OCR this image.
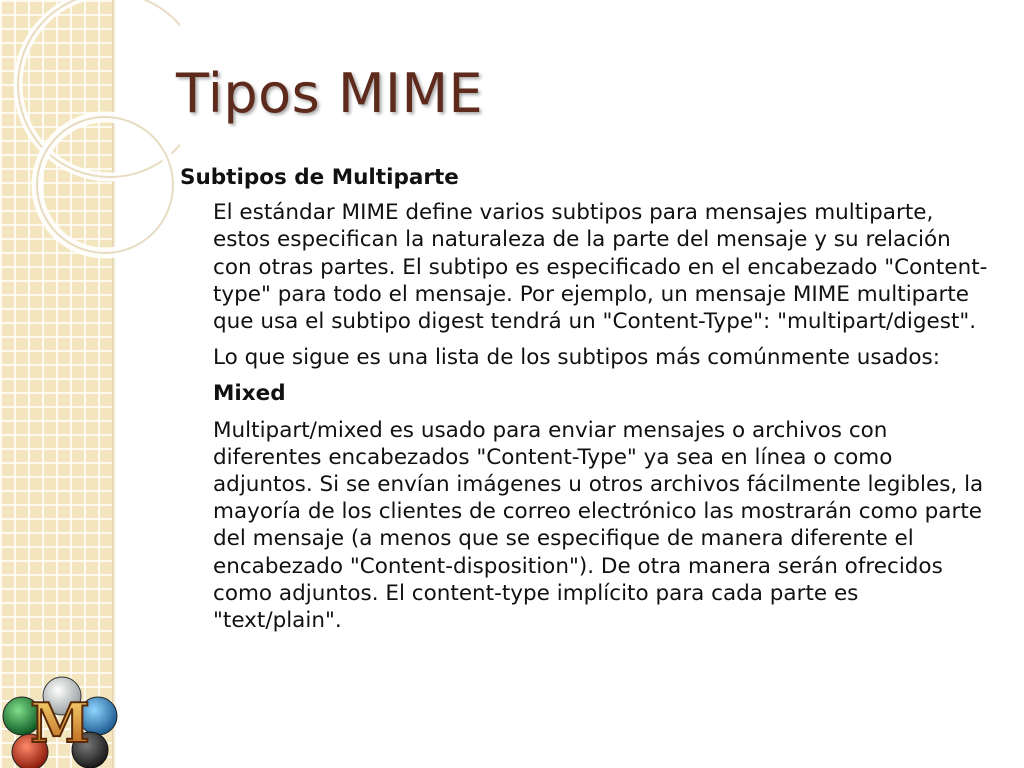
M
Tipos MIME

Subtipos de Multiparte

El estándar MIME define varios subtipos para mensajes multiparte, estos especifican la naturaleza de la parte del mensaje y su relación con otras partes. El subtipo es especificado en el encabezado "Content-type" para todo el mensaje. Por ejemplo, un mensaje MIME multiparte que usa el subtipo digest tendrá un "Content-Type": "multipart/digest".

Lo que sigue es una lista de los subtipos más comúnmente usados:

Mixed

Multipart/mixed es usado para enviar mensajes o archivos con diferentes encabezados "Content-Type" ya sea en línea o como adjuntos. Si se envían imágenes u otros archivos fácilmente legibles, la mayoría de los clientes de correo electrónico las mostrarán como parte del mensaje (a menos que se especifique de manera diferente el encabezado "Content-disposition"). De otra manera serán ofrecidos como adjuntos. El content-type implícito para cada parte es "text/plain".
